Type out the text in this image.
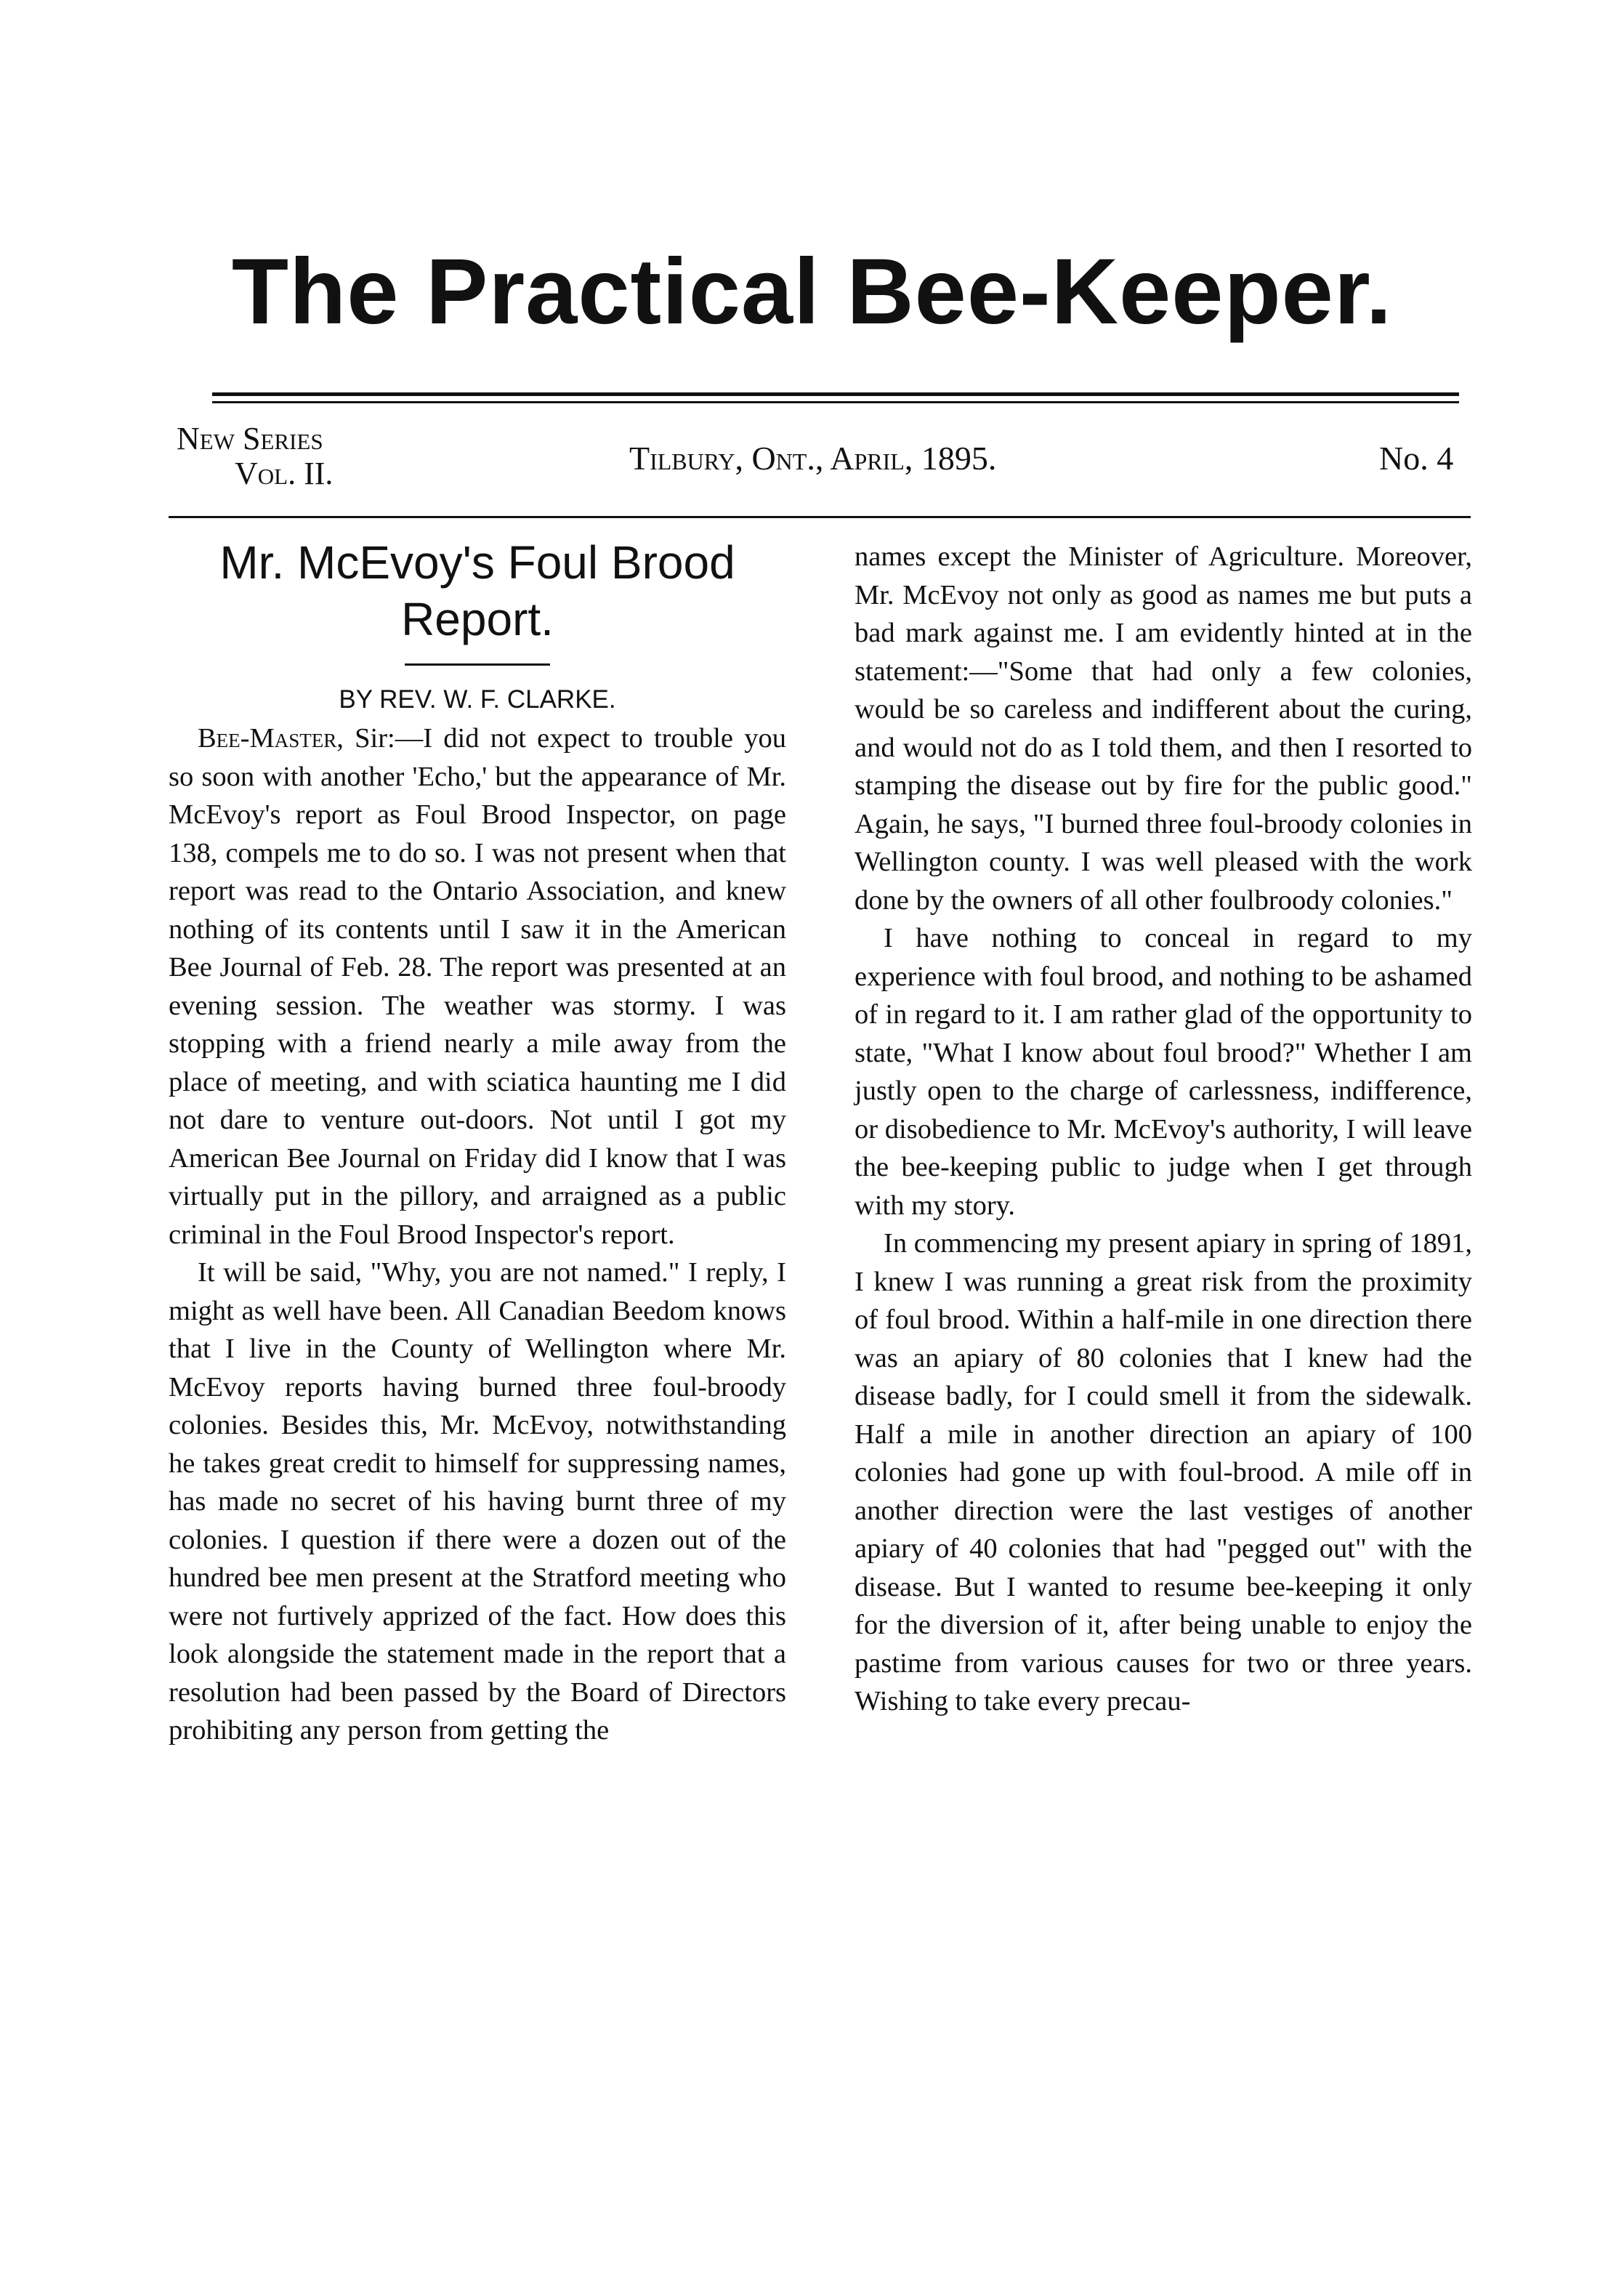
The Practical Bee-Keeper.
New Series
Vol. II.	Tilbury, Ont., April, 1895.	No. 4
Mr. McEvoy's Foul Brood Report.
BY REV. W. F. CLARKE.

Bee-Master, Sir:—I did not expect to trouble you so soon with another 'Echo,' but the appearance of Mr. McEvoy's report as Foul Brood Inspector, on page 138, compels me to do so. I was not present when that report was read to the Ontario Association, and knew nothing of its contents until I saw it in the American Bee Journal of Feb. 28. The report was presented at an evening session. The weather was stormy. I was stopping with a friend nearly a mile away from the place of meeting, and with sciatica haunting me I did not dare to venture out-doors. Not until I got my American Bee Journal on Friday did I know that I was virtually put in the pillory, and arraigned as a public criminal in the Foul Brood Inspector's report.

It will be said, "Why, you are not named." I reply, I might as well have been. All Canadian Beedom knows that I live in the County of Wellington where Mr. McEvoy reports having burned three foul-broody colonies. Besides this, Mr. McEvoy, notwithstanding he takes great credit to himself for suppressing names, has made no secret of his having burnt three of my colonies. I question if there were a dozen out of the hundred bee men present at the Stratford meeting who were not furtively apprized of the fact. How does this look alongside the statement made in the report that a resolution had been passed by the Board of Directors prohibiting any person from getting the

names except the Minister of Agriculture. Moreover, Mr. McEvoy not only as good as names me but puts a bad mark against me. I am evidently hinted at in the statement:—"Some that had only a few colonies, would be so careless and indifferent about the curing, and would not do as I told them, and then I resorted to stamping the disease out by fire for the public good." Again, he says, "I burned three foul-broody colonies in Wellington county. I was well pleased with the work done by the owners of all other foulbroody colonies."

I have nothing to conceal in regard to my experience with foul brood, and nothing to be ashamed of in regard to it. I am rather glad of the opportunity to state, "What I know about foul brood?" Whether I am justly open to the charge of carlessness, indifference, or disobedience to Mr. McEvoy's authority, I will leave the bee-keeping public to judge when I get through with my story.

In commencing my present apiary in spring of 1891, I knew I was running a great risk from the proximity of foul brood. Within a half-mile in one direction there was an apiary of 80 colonies that I knew had the disease badly, for I could smell it from the sidewalk. Half a mile in another direction an apiary of 100 colonies had gone up with foul-brood. A mile off in another direction were the last vestiges of another apiary of 40 colonies that had "pegged out" with the disease. But I wanted to resume bee-keeping it only for the diversion of it, after being unable to enjoy the pastime from various causes for two or three years. Wishing to take every precau-
